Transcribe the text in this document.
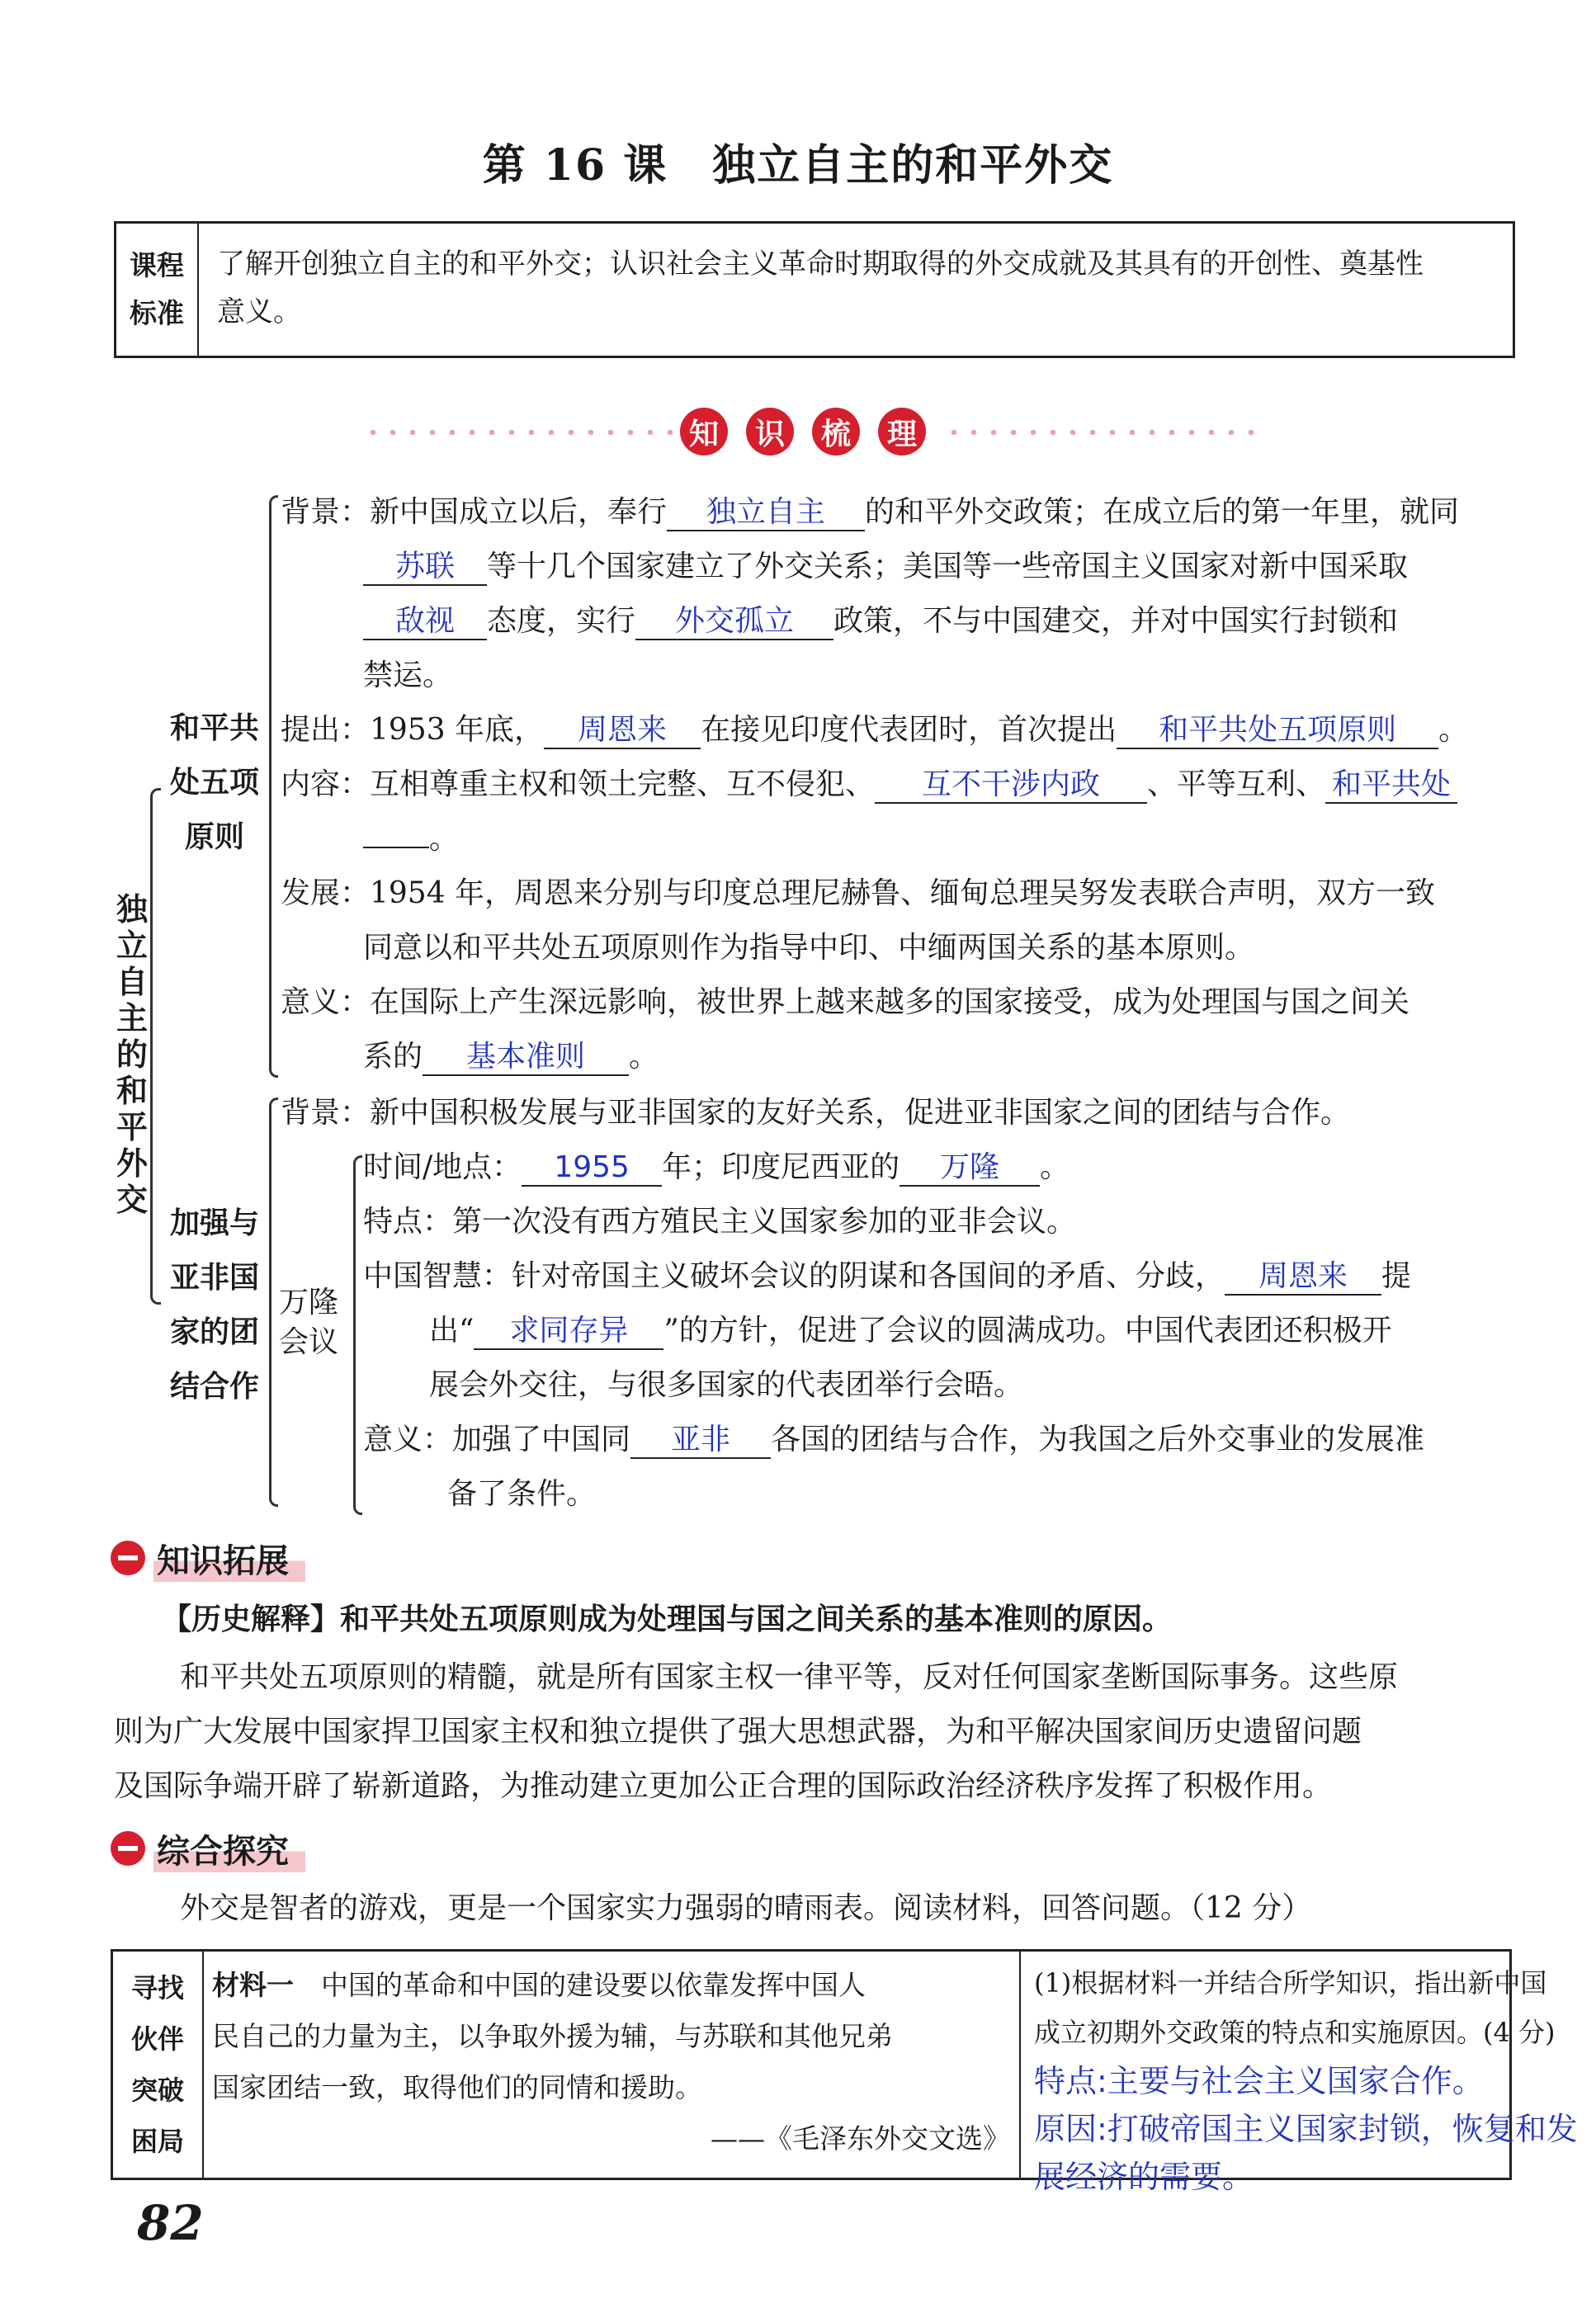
第 16 课　独立自主的和平外交
课程
标准
了解开创独立自主的和平外交；认识社会主义革命时期取得的外交成就及其具有的开创性、奠基性
意义。
知	识	梳	理
独
立
自
主
的
和
平
外
交
和平共
处五项
原则
加强与
亚非国
家的团
结合作
万隆
会议
背景：新中国成立以后，奉行 独立自主 的和平外交政策；在成立后的第一年里，就同
苏联 等十几个国家建立了外交关系；美国等一些帝国主义国家对新中国采取
敌视 态度，实行 外交孤立 政策，不与中国建交，并对中国实行封锁和
禁运。
提出：1953 年底， 周恩来 在接见印度代表团时，首次提出 和平共处五项原则 。
内容：互相尊重主权和领土完整、互不侵犯、 互不干涉内政 、平等互利、 和平共处
。
发展：1954 年，周恩来分别与印度总理尼赫鲁、缅甸总理吴努发表联合声明，双方一致
同意以和平共处五项原则作为指导中印、中缅两国关系的基本原则。
意义：在国际上产生深远影响，被世界上越来越多的国家接受，成为处理国与国之间关
系的 基本准则 。
背景：新中国积极发展与亚非国家的友好关系，促进亚非国家之间的团结与合作。
时间/地点： 1955 年；印度尼西亚的 万隆 。
特点：第一次没有西方殖民主义国家参加的亚非会议。
中国智慧：针对帝国主义破坏会议的阴谋和各国间的矛盾、分歧， 周恩来 提
出“ 求同存异 ”的方针，促进了会议的圆满成功。中国代表团还积极开
展会外交往，与很多国家的代表团举行会晤。
意义：加强了中国同 亚非 各国的团结与合作，为我国之后外交事业的发展准
备了条件。
知识拓展
【历史解释】和平共处五项原则成为处理国与国之间关系的基本准则的原因。
和平共处五项原则的精髓，就是所有国家主权一律平等，反对任何国家垄断国际事务。这些原
则为广大发展中国家捍卫国家主权和独立提供了强大思想武器，为和平解决国家间历史遗留问题
及国际争端开辟了崭新道路，为推动建立更加公正合理的国际政治经济秩序发挥了积极作用。
综合探究
外交是智者的游戏，更是一个国家实力强弱的晴雨表。阅读材料，回答问题。（12 分）
寻找
伙伴
突破
困局
材料一　 中国的革命和中国的建设要以依靠发挥中国人
民自己的力量为主，以争取外援为辅，与苏联和其他兄弟
国家团结一致，取得他们的同情和援助。
——《毛泽东外交文选》
(1)根据材料一并结合所学知识，指出新中国
成立初期外交政策的特点和实施原因。(4 分)
特点:主要与社会主义国家合作。
原因:打破帝国主义国家封锁，恢复和发
展经济的需要。
82
